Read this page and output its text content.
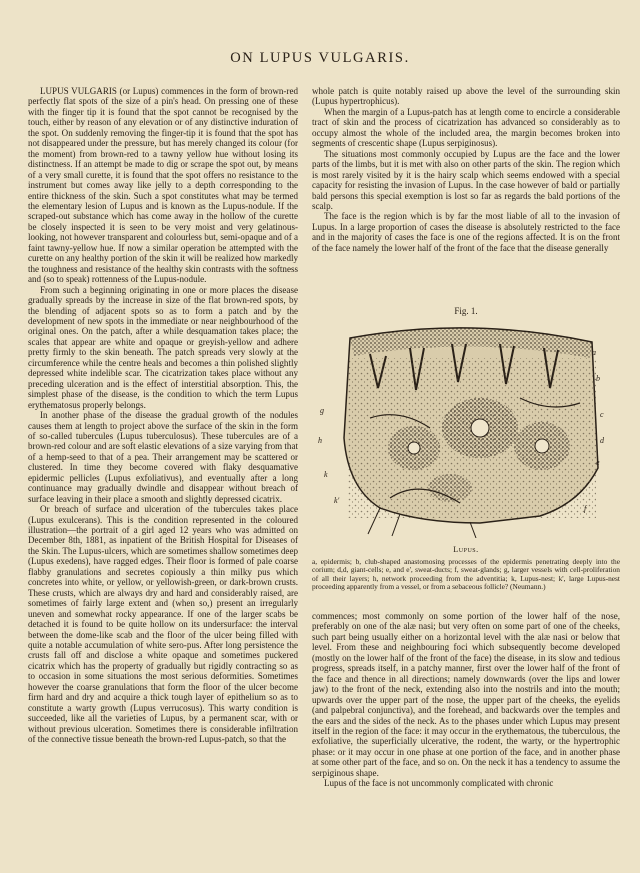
ON LUPUS VULGARIS.

LUPUS VULGARIS (or Lupus) commences in the form of brown-red perfectly flat spots of the size of a pin's head. On pressing one of these with the finger tip it is found that the spot cannot be recognised by the touch, either by reason of any elevation or of any distinctive induration of the spot. On suddenly removing the finger-tip it is found that the spot has not disappeared under the pressure, but has merely changed its colour (for the moment) from brown-red to a tawny yellow hue without losing its distinctness. If an attempt be made to dig or scrape the spot out, by means of a very small curette, it is found that the spot offers no resistance to the instrument but comes away like jelly to a depth corresponding to the entire thickness of the skin. Such a spot constitutes what may be termed the elementary lesion of Lupus and is known as the Lupus-nodule. If the scraped-out substance which has come away in the hollow of the curette be closely inspected it is seen to be very moist and very gelatinous-looking, not however transparent and colourless but, semi-opaque and of a faint tawny-yellow hue. If now a similar operation be attempted with the curette on any healthy portion of the skin it will be realized how markedly the toughness and resistance of the healthy skin contrasts with the softness and (so to speak) rottenness of the Lupus-nodule.

From such a beginning originating in one or more places the disease gradually spreads by the increase in size of the flat brown-red spots, by the blending of adjacent spots so as to form a patch and by the development of new spots in the immediate or near neighbourhood of the original ones. On the patch, after a while desquamation takes place; the scales that appear are white and opaque or greyish-yellow and adhere pretty firmly to the skin beneath. The patch spreads very slowly at the circumference while the centre heals and becomes a thin polished slightly depressed white indelible scar. The cicatrization takes place without any preceding ulceration and is the effect of interstitial absorption. This, the simplest phase of the disease, is the condition to which the term Lupus erythematosus properly belongs.

In another phase of the disease the gradual growth of the nodules causes them at length to project above the surface of the skin in the form of so-called tubercules (Lupus tuberculosus). These tubercules are of a brown-red colour and are soft elastic elevations of a size varying from that of a hemp-seed to that of a pea. Their arrangement may be scattered or clustered. In time they become covered with flaky desquamative epidermic pellicles (Lupus exfoliativus), and eventually after a long continuance may gradually dwindle and disappear without breach of surface leaving in their place a smooth and slightly depressed cicatrix.

Or breach of surface and ulceration of the tubercules takes place (Lupus exulcerans). This is the condition represented in the coloured illustration—the portrait of a girl aged 12 years who was admitted on December 8th, 1881, as inpatient of the British Hospital for Diseases of the Skin. The Lupus-ulcers, which are sometimes shallow sometimes deep (Lupus exedens), have ragged edges. Their floor is formed of pale coarse flabby granulations and secretes copiously a thin milky pus which concretes into white, or yellow, or yellowish-green, or dark-brown crusts. These crusts, which are always dry and hard and considerably raised, are sometimes of fairly large extent and (when so,) present an irregularly uneven and somewhat rocky appearance. If one of the larger scabs be detached it is found to be quite hollow on its undersurface: the interval between the dome-like scab and the floor of the ulcer being filled with quite a notable accumulation of white sero-pus. After long persistence the crusts fall off and disclose a white opaque and sometimes puckered cicatrix which has the property of gradually but rigidly contracting so as to occasion in some situations the most serious deformities. Sometimes however the coarse granulations that form the floor of the ulcer become firm hard and dry and acquire a thick tough layer of epithelium so as to constitute a warty growth (Lupus verrucosus). This warty condition is succeeded, like all the varieties of Lupus, by a permanent scar, with or without previous ulceration. Sometimes there is considerable infiltration of the connective tissue beneath the brown-red Lupus-patch, so that the

whole patch is quite notably raised up above the level of the surrounding skin (Lupus hypertrophicus).

When the margin of a Lupus-patch has at length come to encircle a considerable tract of skin and the process of cicatrization has advanced so considerably as to occupy almost the whole of the included area, the margin becomes broken into segments of crescentic shape (Lupus serpiginosus).

The situations most commonly occupied by Lupus are the face and the lower parts of the limbs, but it is met with also on other parts of the skin. The region which is most rarely visited by it is the hairy scalp which seems endowed with a special capacity for resisting the invasion of Lupus. In the case however of bald or partially bald persons this special exemption is lost so far as regards the bald portions of the scalp.

The face is the region which is by far the most liable of all to the invasion of Lupus. In a large proportion of cases the disease is absolutely restricted to the face and in the majority of cases the face is one of the regions affected. It is on the front of the face namely the lower half of the front of the face that the disease generally

Fig. 1.
a
b
c
d
e
f
g
h
k
k'
Lupus.
a, epidermis; b, club-shaped anastomosing processes of the epidermis penetrating deeply into the corium; d,d, giant-cells; e, and e', sweat-ducts; f, sweat-glands; g, larger vessels with cell-proliferation of all their layers; h, network proceeding from the adventitia; k, Lupus-nest; k', large Lupus-nest proceeding apparently from a vessel, or from a sebaceous follicle? (Neumann.)

commences; most commonly on some portion of the lower half of the nose, preferably on one of the alæ nasi; but very often on some part of one of the cheeks, such part being usually either on a horizontal level with the alæ nasi or below that level. From these and neighbouring foci which subsequently become developed (mostly on the lower half of the front of the face) the disease, in its slow and tedious progress, spreads itself, in a patchy manner, first over the lower half of the front of the face and thence in all directions; namely downwards (over the lips and lower jaw) to the front of the neck, extending also into the nostrils and into the mouth; upwards over the upper part of the nose, the upper part of the cheeks, the eyelids (and palpebral conjunctiva), and the forehead, and backwards over the temples and the ears and the sides of the neck. As to the phases under which Lupus may present itself in the region of the face: it may occur in the erythematous, the tuberculous, the exfoliative, the superficially ulcerative, the rodent, the warty, or the hypertrophic phase: or it may occur in one phase at one portion of the face, and in another phase at some other part of the face, and so on. On the neck it has a tendency to assume the serpiginous shape.

Lupus of the face is not uncommonly complicated with chronic
